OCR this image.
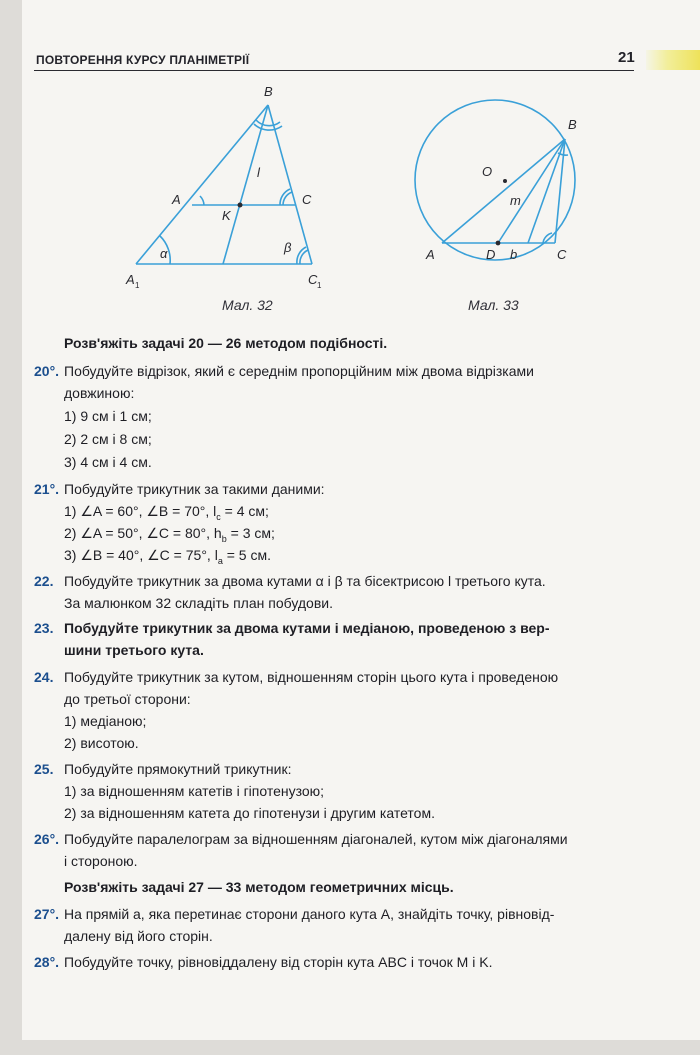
ПОВТОРЕННЯ КУРСУ ПЛАНІМЕТРІЇ	21
B
A	C
K
l
α	β
A 1	C 1
Мал. 32
O
B
A	C
D
m
b
Мал. 33
Розв'яжіть задачі 20 — 26 методом подібності.
20°. Побудуйте відрізок, який є середнім пропорційним між двома відрізками
довжиною:
1) 9 см і 1 см;
2) 2 см і 8 см;
3) 4 см і 4 см.
21°. Побудуйте трикутник за такими даними:
1) ∠A = 60°, ∠B = 70°, $l_c = 4$ см;
2) ∠A = 50°, ∠C = 80°, $h_b = 3$ см;
3) ∠B = 40°, ∠C = 75°, $l_a = 5$ см.
22. Побудуйте трикутник за двома кутами α і β та бісектрисою l третього кута.
За малюнком 32 складіть план побудови.
23. Побудуйте трикутник за двома кутами і медіаною, проведеною з вер-
шини третього кута.
24. Побудуйте трикутник за кутом, відношенням сторін цього кута і проведеною
до третьої сторони:
1) медіаною;
2) висотою.
25. Побудуйте прямокутний трикутник:
1) за відношенням катетів і гіпотенузою;
2) за відношенням катета до гіпотенузи і другим катетом.
26°. Побудуйте паралелограм за відношенням діагоналей, кутом між діагоналями
і стороною.
Розв'яжіть задачі 27 — 33 методом геометричних місць.
27°. На прямій a, яка перетинає сторони даного кута A, знайдіть точку, рівновід-
далену від його сторін.
28°. Побудуйте точку, рівновіддалену від сторін кута ABC і точок M і K.
